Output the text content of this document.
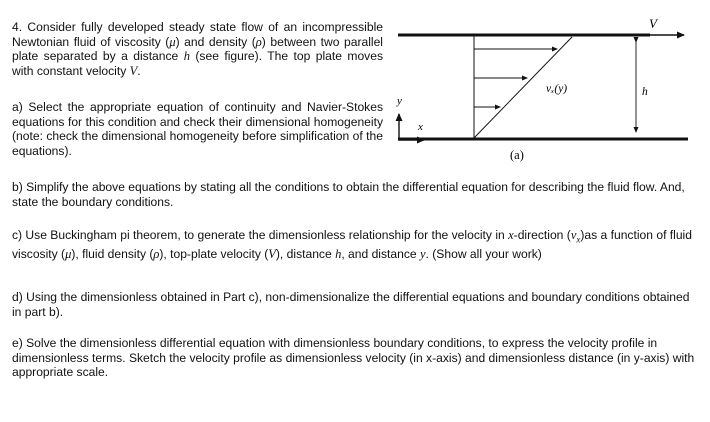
4. Consider fully developed steady state flow of an incompressible Newtonian fluid of viscosity (μ) and density (ρ) between two parallel plate separated by a distance h (see figure). The top plate moves with constant velocity V.

a) Select the appropriate equation of continuity and Navier-Stokes equations for this condition and check their dimensional homogeneity (note: check the dimensional homogeneity before simplification of the equations).

b) Simplify the above equations by stating all the conditions to obtain the differential equation for describing the fluid flow. And, state the boundary conditions.

c) Use Buckingham pi theorem, to generate the dimensionless relationship for the velocity in x-direction $(v_x)as$ a function of fluid viscosity (μ), fluid density (ρ), top-plate velocity (V), distance h, and distance y. (Show all your work)

d) Using the dimensionless obtained in Part c), non-dimensionalize the differential equations and boundary conditions obtained in part b).

e) Solve the dimensionless differential equation with dimensionless boundary conditions, to express the velocity profile in dimensionless terms. Sketch the velocity profile as dimensionless velocity (in x-axis) and dimensionless distance (in y-axis) with appropriate scale.

V
vₓ(y)	h
y
x
(a)
